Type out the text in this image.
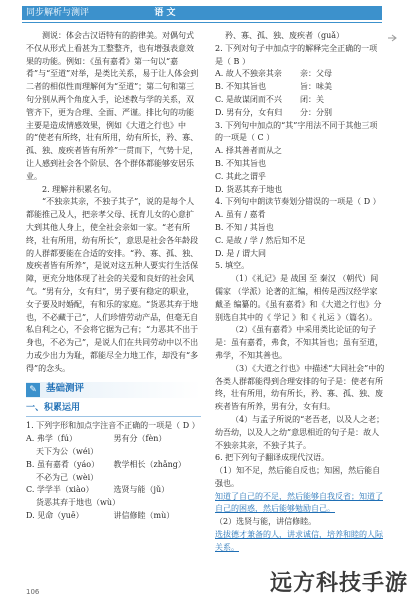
同步解析与测评	语 文

测说：体会古汉语特有的韵律美。对偶句式不仅从形式上看甚为工整整齐，也有增强表意效果的功能。例如：《虽有嘉肴》第一句以“嘉肴”与“至道”对举，是类比关系，易于让人体会到二者的相似性而理解何为“至道”；第二句和第三句分别从两个角度入手，论述教与学的关系，双管齐下，更为合理、全面、严谨。排比句的功能主要是造成情感效果，例如《大道之行也》中的“使老有所终，壮有所用，幼有所长，矜、寡、孤、独、废疾者皆有所养”一贯而下，气势十足，让人感到社会各个阶层、各个群体都能够安居乐业。

2. 理解并积累名句。

“不独亲其亲，不独子其子”，说的是每个人都能推己及人，把亲孝父母、抚育儿女的心意扩大到其他人身上，使全社会亲如一家。“老有所终，壮有所用，幼有所长”，意思是社会各年龄段的人群都要能在合适的安排。“矜、寡、孤、独、废疾者皆有所养”，是说对这五种人要实行生活保障，更充分地体现了社会的关爱和良好的社会风气。“男有分，女有归”，男子要有稳定的职业，女子要及时婚配，有和乐的家庭。“货恶其弃于地也，不必藏于己”，人们珍惜劳动产品，但毫无自私自利之心，不会将它据为己有；“力恶其不出于身也，不必为己”，是说人们在共同劳动中以不出力或少出力为耻，都能尽全力地工作，却没有“多得”的念头。

✎ 基础测评
一、积累运用

1. 下列字形和加点字注音不正确的一项是（ D ）

A. 弗学（fú）	男有分（fèn）
天下为公（wéi）
B. 虽有嘉肴（yáo）	教学相长（zhǎng）
不必为己（wèi）
C. 学学半（xiào）	选贤与能（jǔ）
货恶其弃于地也（wù）
D. 见命（yuē）	讲信修睦（mù）

矜、寡、孤、独、废疾者（guǎ）

2. 下列对句子中加点字的解释完全正确的一项是（ B ）

A. 故人不独亲其亲	亲：父母
B. 不知其旨也	旨：味美
C. 是故谋闭而不兴	闭：关
D. 男有分，女有归	分：分别

3. 下列句中加点的“其”字用法不同于其他三项的一项是（ C ）

A. 择其善者而从之

B. 不知其旨也

C. 其此之谓乎

D. 货恶其弃于地也

4. 下列句中朗读节奏划分错误的一项是（ D ）

A. 虽有 / 嘉肴

B. 不知 / 其旨也

C. 是故 / 学 / 然后知不足

D. 是 / 谓大同

5. 填空。

（1）《礼记》是 战国 至 秦汉 （朝代）间儒家 （学派）论著的汇编，相传是西汉经学家 戴圣 编纂的。《虽有嘉肴》和《大道之行也》分别选自其中的《 学记 》和《 礼运 》（篇名）。

（2）《虽有嘉肴》中采用类比论证的句子是：虽有嘉肴，弗食，不知其旨也；虽有至道，弗学，不知其善也。

（3）《大道之行也》中描述“大同社会”中的各类人群都能得到合理安排的句子是：使老有所终，壮有所用，幼有所长，矜、寡、孤、独、废疾者皆有所养，男有分，女有归。

（4）与孟子所说的“老吾老，以及人之老；幼吾幼，以及人之幼”意思相近的句子是：故人不独亲其亲，不独子其子。

6. 把下列句子翻译成现代汉语。

（1）知不足，然后能自反也；知困，然后能自强也。

知道了自己的不足，然后能够自我反省；知道了自己的困惑，然后能够勉励自己。

（2）选贤与能，讲信修睦。

选拔德才兼备的人，讲求诚信，培养和睦的人际关系。

106	远方科技手游
